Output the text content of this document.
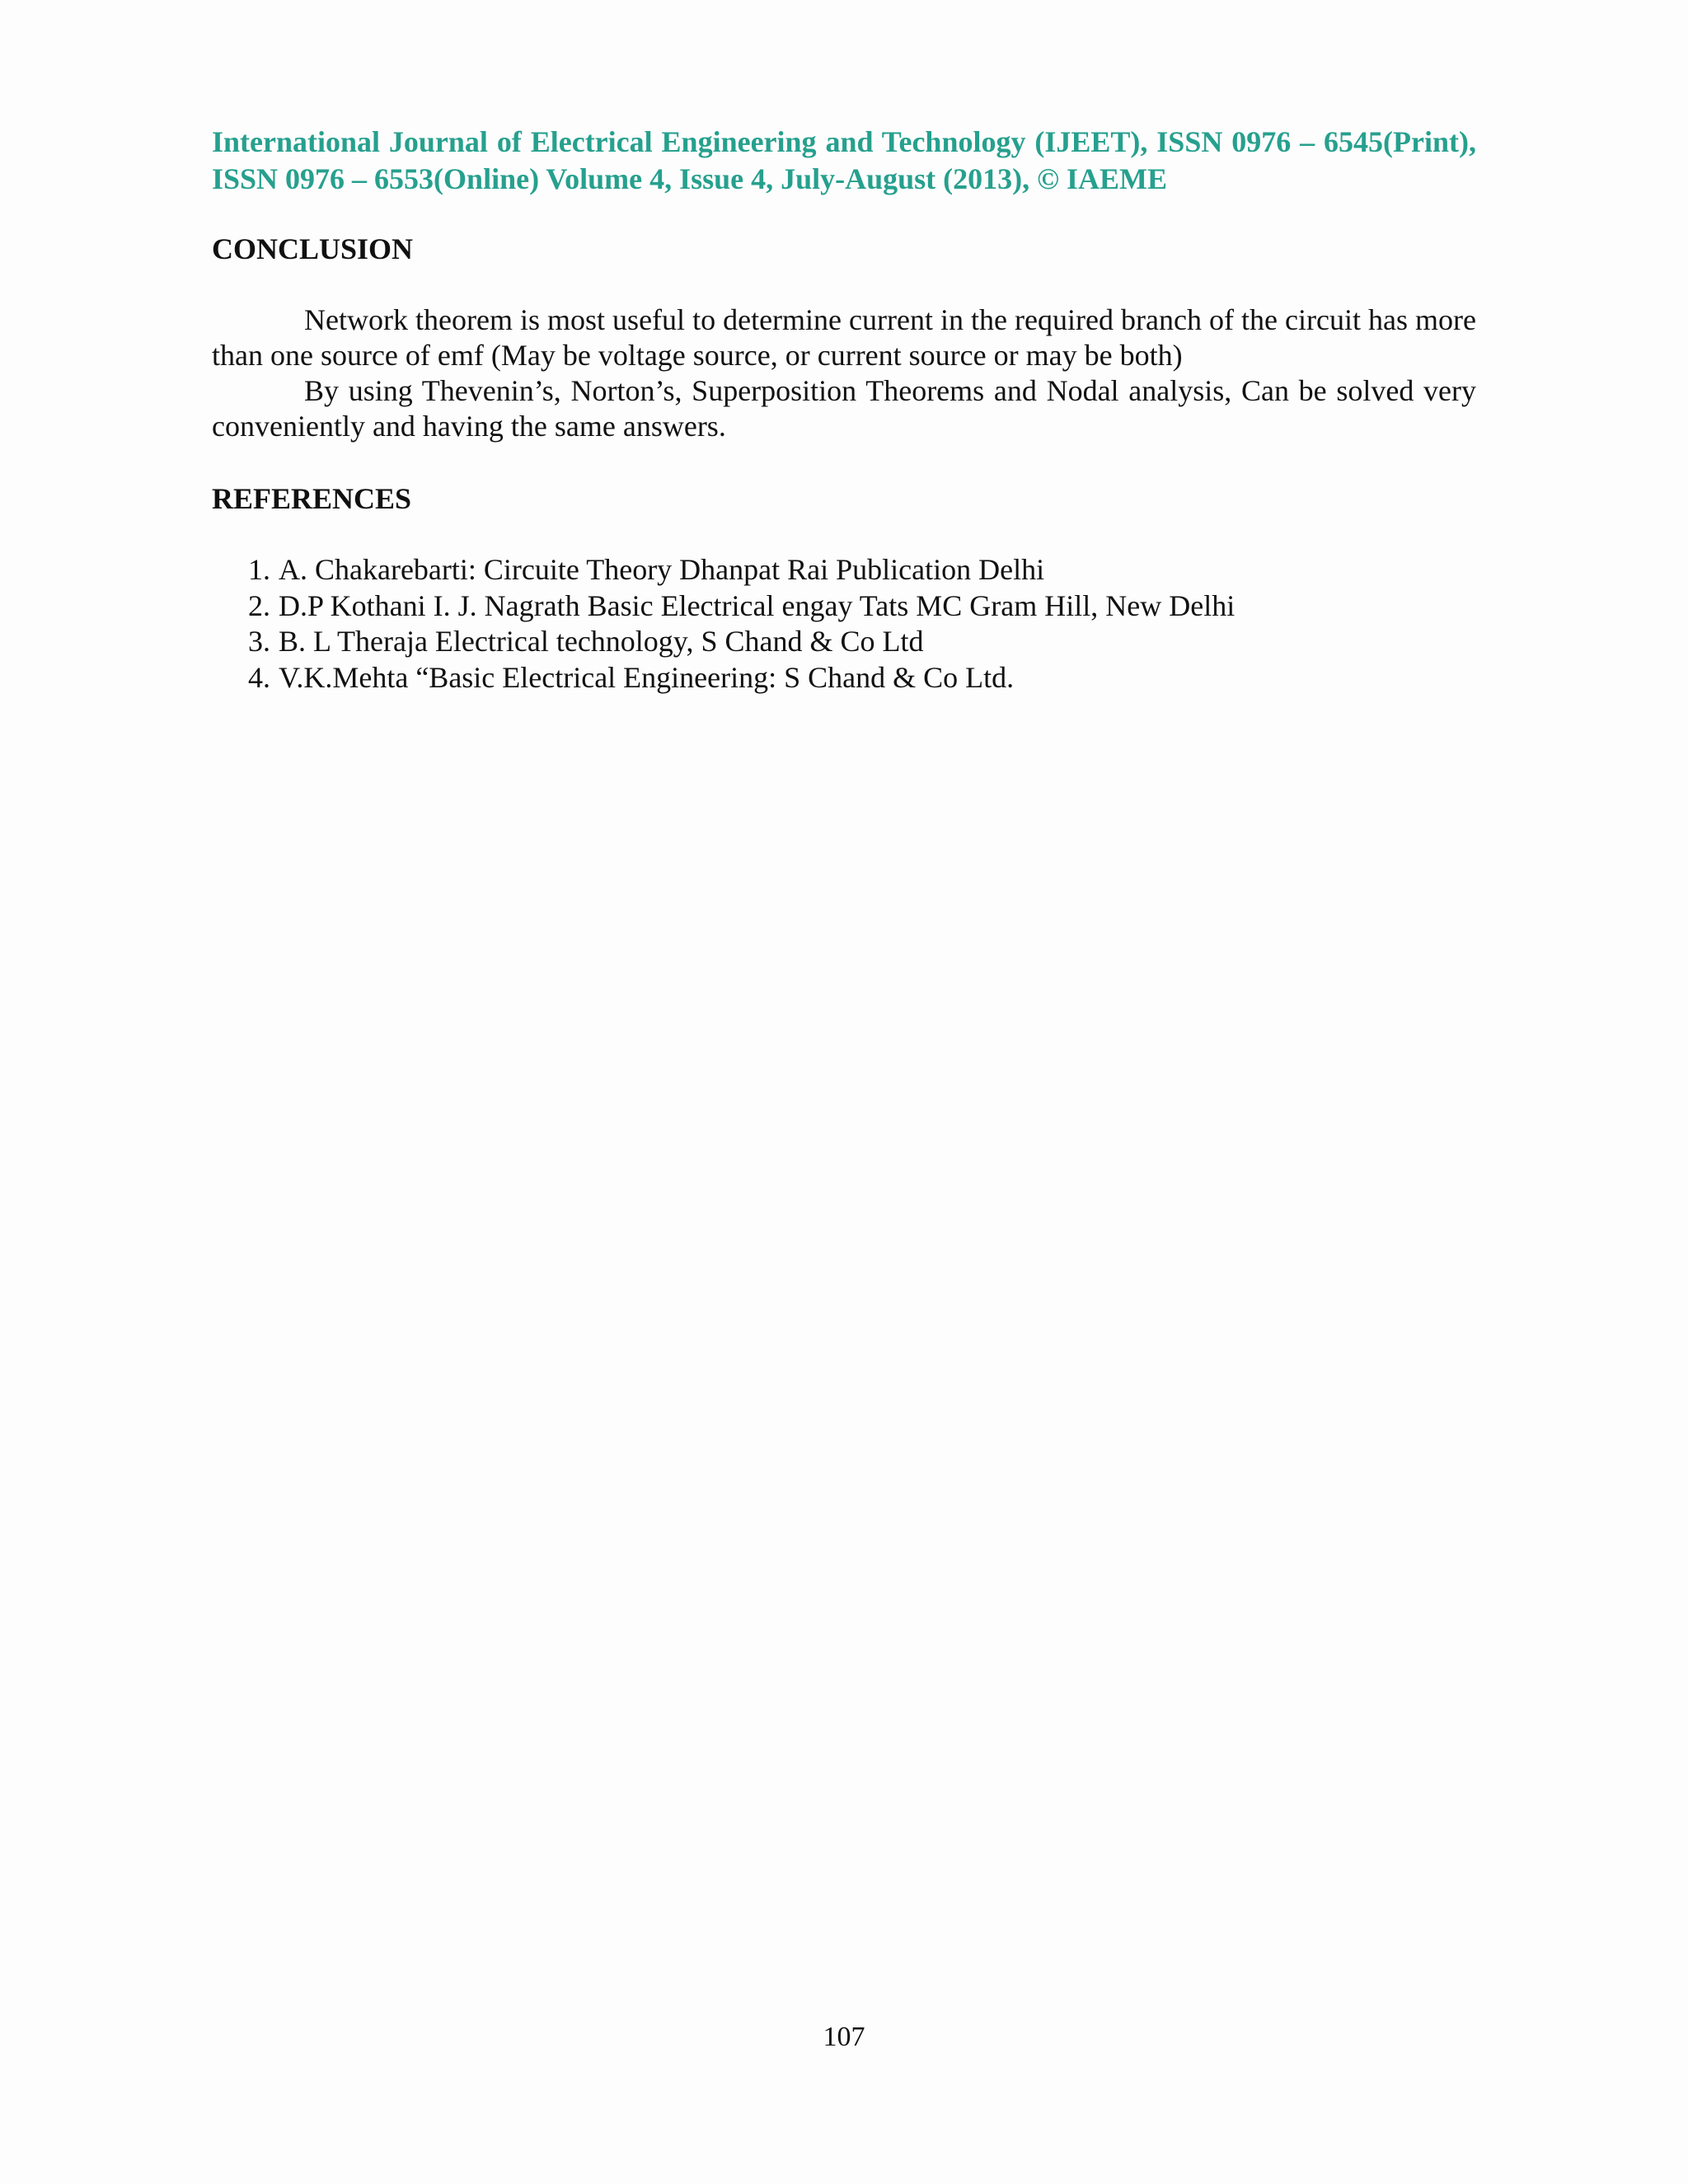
International Journal of Electrical Engineering and Technology (IJEET), ISSN 0976 – 6545(Print), ISSN 0976 – 6553(Online) Volume 4, Issue 4, July-August (2013), © IAEME
CONCLUSION

Network theorem is most useful to determine current in the required branch of the circuit has more than one source of emf (May be voltage source, or current source or may be both)

By using Thevenin’s, Norton’s, Superposition Theorems and Nodal analysis, Can be solved very conveniently and having the same answers.

REFERENCES
1. A. Chakarebarti: Circuite Theory Dhanpat Rai Publication Delhi
2. D.P Kothani I. J. Nagrath Basic Electrical engay Tats MC Gram Hill, New Delhi
3. B. L Theraja Electrical technology, S Chand & Co Ltd
4. V.K.Mehta “Basic Electrical Engineering: S Chand & Co Ltd.
107
